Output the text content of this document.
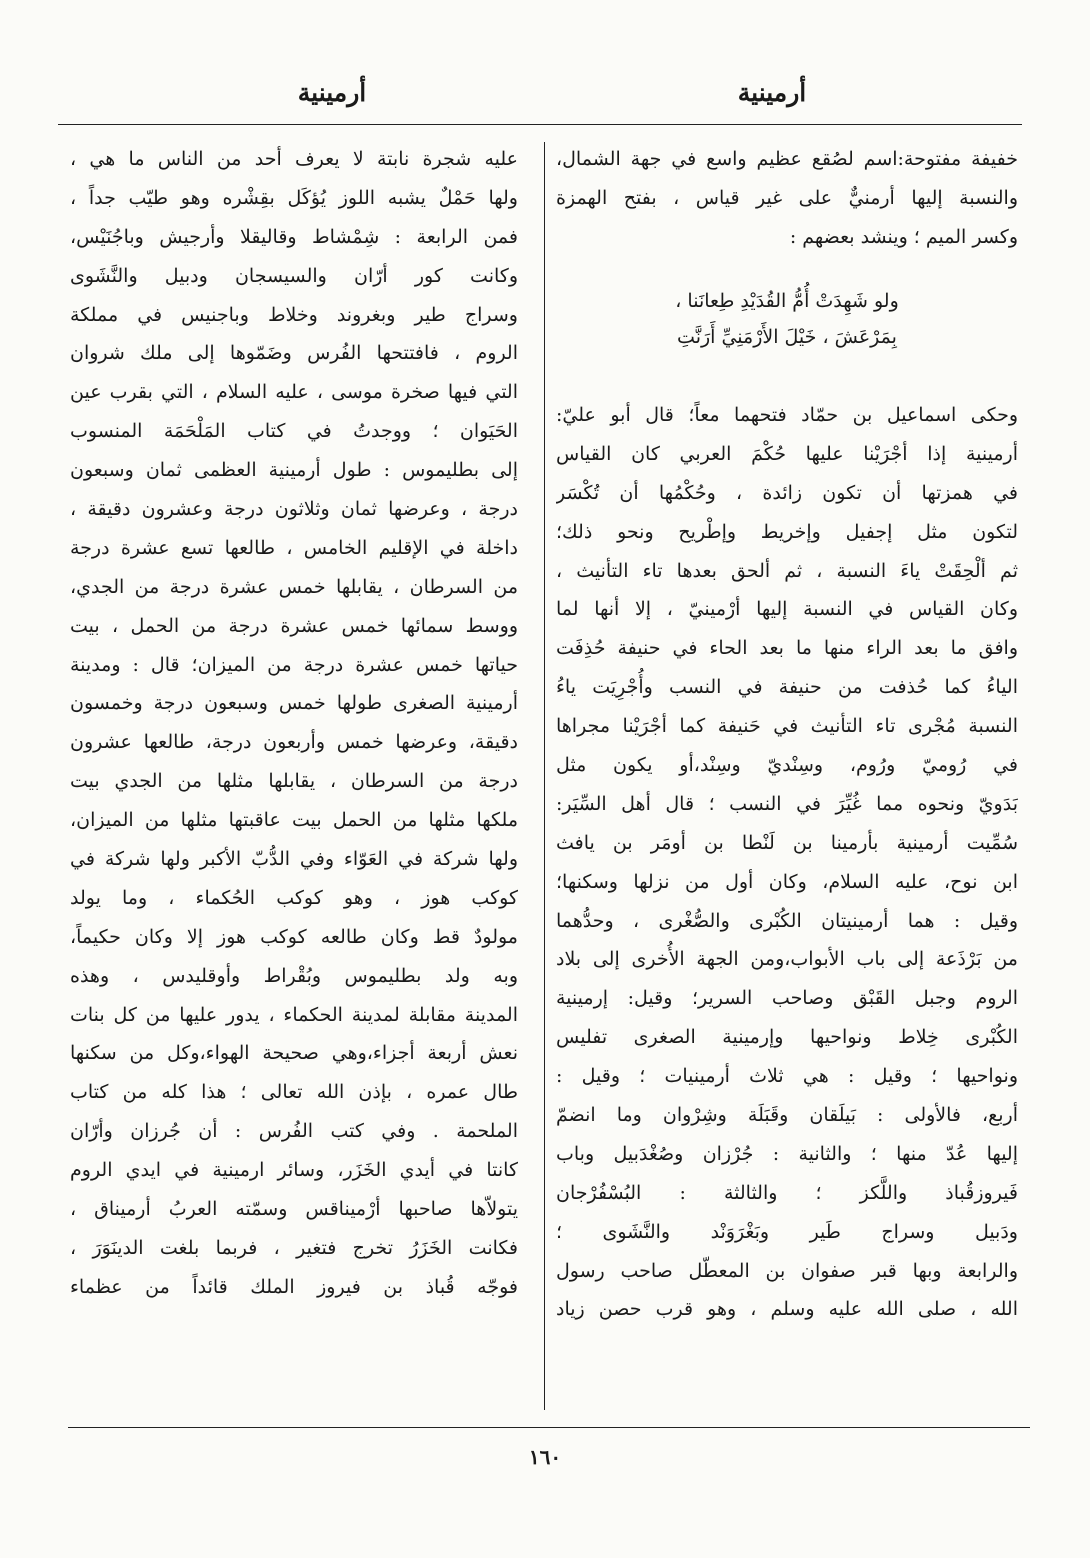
أرمينية
أرمينية
خفيفة مفتوحة:اسم لصُقع عظيم واسع في جهة الشمال،
والنسبة إليها أرمنيٌّ على غير قياس ، بفتح الهمزة
وكسر الميم ؛ وينشد بعضهم :
ولو شَهِدَتْ أُمُّ القُدَيْدِ طِعانَنا ،
بِمَرْعَشَ ، خَيْلَ الأَرْمَنِيِّ أَرَنَّتِ
وحكى اسماعيل بن حمّاد فتحهما معاً؛ قال أبو عليّ:
أرمينية إذا أجْرَيْنا عليها حُكْمَ العربي كان القياس
في همزتها أن تكون زائدة ، وحُكْمُها أن تُكْسَر
لتكون مثل إجفيل وإخريط وإطْريح ونحو ذلك؛
ثم ألْحِقَتْ ياءَ النسبة ، ثم ألحق بعدها تاء التأنيث ،
وكان القياس في النسبة إليها أرْمينيّ ، إلا أنها لما
وافق ما بعد الراء منها ما بعد الحاء في حنيفة حُذِفَت
الياءُ كما حُذفت من حنيفة في النسب وأُجْرِيَت ياءُ
النسبة مُجْرى تاء التأنيث في حَنيفة كما أجْرَيْنا مجراها
في رُوميّ ورُوم، وسِنْديّ وسِنْد،أو يكون مثل
بَدَويّ ونحوه مما غُيِّرَ في النسب ؛ قال أهل السِّيَر:
سُمِّيت أرمينية بأرمينا بن لَنْطا بن أومَر بن يافث
ابن نوح، عليه السلام، وكان أول من نزلها وسكنها؛
وقيل : هما أرمينيتان الكُبْرى والصُّغْرى ، وحدُّهما
من بَرْذَعة إلى باب الأبواب،ومن الجهة الأُخرى إلى بلاد
الروم وجبل القَبْق وصاحب السرير؛ وقيل: إرمينية
الكُبْرى خِلاط ونواحيها وإرمينية الصغرى تفليس
ونواحيها ؛ وقيل : هي ثلاث أرمينيات ؛ وقيل :
أربع، فالأولى : بَيلَقان وقَبَلَة وشِرْوان وما انضمّ
إليها عُدّ منها ؛ والثانية : جُرْزان وصُغْدَبيل وباب
فَيروزقُباذ واللَّكز ؛ والثالثة : البُسْفُرْجان
ودَبيل وسراج طَير وبَغْرَوَنْد والنَّشَوى ؛
والرابعة وبها قبر صفوان بن المعطّل صاحب رسول
الله ، صلى الله عليه وسلم ، وهو قرب حصن زياد
عليه شجرة نابتة لا يعرف أحد من الناس ما هي ،
ولها حَمْلٌ يشبه اللوز يُؤكَل بقِشْره وهو طيّب جداً ،
فمن الرابعة : شِمْشاط وقاليقلا وأرجيش وباجُنَيْس،
وكانت كور أرّان والسيسجان ودبيل والنَّشَوى
وسراج طير وبغروند وخلاط وباجنيس في مملكة
الروم ، فافتتحها الفُرس وضَمّوها إلى ملك شروان
التي فيها صخرة موسى ، عليه السلام ، التي بقرب عين
الحَيَوان ؛ ووجدتُ في كتاب المَلْحَمَة المنسوب
إلى بطليموس : طول أرمينية العظمى ثمان وسبعون
درجة ، وعرضها ثمان وثلاثون درجة وعشرون دقيقة ،
داخلة في الإقليم الخامس ، طالعها تسع عشرة درجة
من السرطان ، يقابلها خمس عشرة درجة من الجدي،
ووسط سمائها خمس عشرة درجة من الحمل ، بيت
حياتها خمس عشرة درجة من الميزان؛ قال : ومدينة
أرمينية الصغرى طولها خمس وسبعون درجة وخمسون
دقيقة، وعرضها خمس وأربعون درجة، طالعها عشرون
درجة من السرطان ، يقابلها مثلها من الجدي بيت
ملكها مثلها من الحمل بيت عاقبتها مثلها من الميزان،
ولها شركة في العَوّاء وفي الدُّبّ الأكبر ولها شركة في
كوكب هوز ، وهو كوكب الحُكماء ، وما يولد
مولودٌ قط وكان طالعه كوكب هوز إلا وكان حكيماً،
وبه ولد بطليموس وبُقْراط وأوقليدس ، وهذه
المدينة مقابلة لمدينة الحكماء ، يدور عليها من كل بنات
نعش أربعة أجزاء،وهي صحيحة الهواء،وكل من سكنها
طال عمره ، بإذن الله تعالى ؛ هذا كله من كتاب
الملحمة . وفي كتب الفُرس : أن جُرزان وأرّان
كانتا في أيدي الخَزَر، وسائر ارمينية في ايدي الروم
يتولاّها صاحبها أرْميناقس وسمّته العربُ أرميناق ،
فكانت الخَزَرُ تخرج فتغير ، فربما بلغت الدينَوَرَ ،
فوجّه قُباذ بن فيروز الملك قائداً من عظماء
١٦٠
